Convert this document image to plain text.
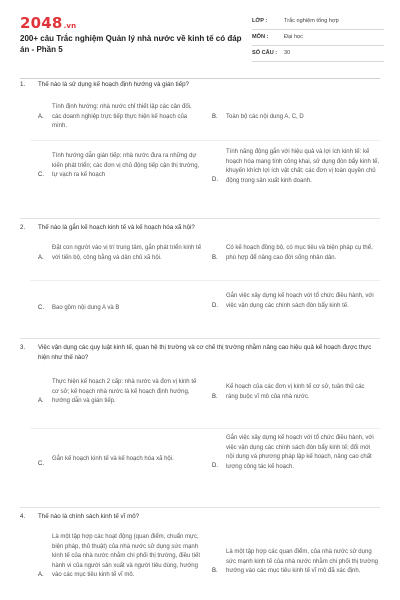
2048.vn
200+ câu Trắc nghiệm Quản lý nhà nước về kinh tế có đáp án - Phần 5
LỚP :	Trắc nghiệm tổng hợp
MÔN :	Đại học
SỐ CÂU : 30
1. Thế nào là sử dụng kế hoạch định hướng và gián tiếp?
A.
Tính định hướng: nhà nước chỉ thiết lập các cân đối, các doanh nghiệp trực tiếp thực hiện kế hoạch của mình.
B. Toàn bộ các nội dung A, C, D
C.
Tính hướng dẫn gián tiếp: nhà nước đưa ra những dự kiến phát triển; các đơn vị chủ động tiếp cận thị trường, tự vạch ra kế hoạch
D.
Tính năng động gắn với hiệu quả và lợi ích kinh tế: kế hoạch hóa mang tính công khai, sử dụng đòn bẩy kinh tế, khuyến khích lợi ích vật chất; các đơn vị toàn quyền chủ động trong sản xuất kinh doanh.
2. Thế nào là gắn kế hoạch kinh tế và kế hoạch hóa xã hội?
A.
Đặt con người vào vị trí trung tâm, gắn phát triển kinh tế với tiến bộ, công bằng và dân chủ xã hội.	B.
Có kế hoạch đồng bộ, có mục tiêu và biện pháp cụ thể, phù hợp để nâng cao đời sống nhân dân.
C. Bao gồm nội dung A và B	D.
Gắn việc xây dựng kế hoạch với tổ chức điều hành, với việc vận dụng các chính sách đòn bẩy kinh tế.
3. Việc vận dụng các quy luật kinh tế, quan hệ thị trường và cơ chế thị trường nhằm nâng cao hiệu quả kế hoạch được thực hiện như thế nào?
A.
Thực hiện kế hoạch 2 cấp: nhà nước và đơn vị kinh tế cơ sở; kế hoạch nhà nước là kế hoạch định hướng, hướng dẫn và gián tiếp.
B.
Kế hoạch của các đơn vị kinh tế cơ sở, tuân thủ các ràng buộc vĩ mô của nhà nước.
C.
Gắn kế hoạch kinh tế và kế hoạch hóa xã hội.
D.
Gắn việc xây dựng kế hoạch với tổ chức điều hành, với việc vận dụng các chính sách đòn bẩy kinh tế; đổi mới nội dung và phương pháp lập kế hoạch, nâng cao chất lượng công tác kế hoạch.
4. Thế nào là chính sách kinh tế vĩ mô?
A.
Là một tập hợp các hoạt động (quan điểm, chuẩn mực, biện pháp, thủ thuật) của nhà nước sử dụng sức mạnh kinh tế của nhà nước nhằm chi phối thị trường, điều tiết hành vi của người sản xuất và người tiêu dùng, hướng vào các mục tiêu kinh tế vĩ mô.
B.
Là một tập hợp các quan điểm, của nhà nước sử dụng sức mạnh kinh tế của nhà nước nhằm chi phối thị trường hướng vào các mục tiêu kinh tế vĩ mô đã xác định.
